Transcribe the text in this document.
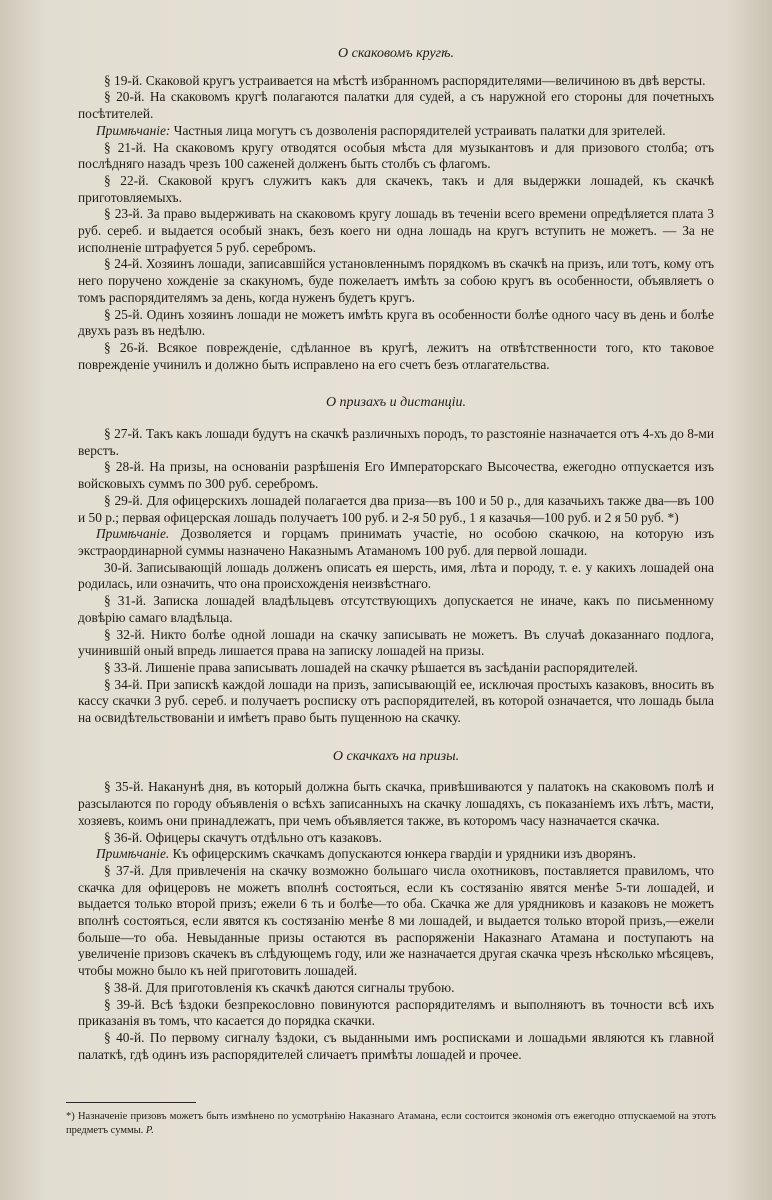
О скаковомъ кругѣ.

§ 19-й. Скаковой кругъ устраивается на мѣстѣ избранномъ распорядителями—величиною въ двѣ версты.

§ 20-й. На скаковомъ кругѣ полагаются палатки для судей, а съ наружной его стороны для почетныхъ посѣтителей.

Примѣчаніе: Частныя лица могутъ съ дозволенія распорядителей устраивать палатки для зрителей.

§ 21-й. На скаковомъ кругу отводятся особыя мѣста для музыкантовъ и для призового столба; отъ послѣдняго назадъ чрезъ 100 саженей долженъ быть столбъ съ флагомъ.

§ 22-й. Скаковой кругъ служитъ какъ для скачекъ, такъ и для выдержки лошадей, къ скачкѣ приготовляемыхъ.

§ 23-й. За право выдерживать на скаковомъ кругу лошадь въ теченіи всего времени опредѣляется плата 3 руб. сереб. и выдается особый знакъ, безъ коего ни одна лошадь на кругъ вступить не можетъ. — За не исполненіе штрафуется 5 руб. серебромъ.

§ 24-й. Хозяинъ лошади, записавшійся установленнымъ порядкомъ въ скачкѣ на призъ, или тотъ, кому отъ него поручено хожденіе за скакуномъ, буде пожелаетъ имѣть за собою кругъ въ особенности, объявляетъ о томъ распорядителямъ за день, когда нуженъ будетъ кругъ.

§ 25-й. Одинъ хозяинъ лошади не можетъ имѣть круга въ особенности болѣе одного часу въ день и болѣе двухъ разъ въ недѣлю.

§ 26-й. Всякое поврежденіе, сдѣланное въ кругѣ, лежитъ на отвѣтственности того, кто таковое поврежденіе учинилъ и должно быть исправлено на его счетъ безъ отлагательства.

О призахъ и дистанціи.

§ 27-й. Такъ какъ лошади будутъ на скачкѣ различныхъ породъ, то разстояніе назначается отъ 4-хъ до 8-ми верстъ.

§ 28-й. На призы, на основаніи разрѣшенія Его Императорскаго Высочества, ежегодно отпускается изъ войсковыхъ суммъ по 300 руб. серебромъ.

§ 29-й. Для офицерскихъ лошадей полагается два приза—въ 100 и 50 р., для казачьихъ также два—въ 100 и 50 р.; первая офицерская лошадь получаетъ 100 руб. и 2-я 50 руб., 1 я казачья—100 руб. и 2 я 50 руб. *)

Примѣчаніе. Дозволяется и горцамъ принимать участіе, но особою скачкою, на которую изъ экстраординарной суммы назначено Наказнымъ Атаманомъ 100 руб. для первой лошади.

30-й. Записывающій лошадь долженъ описать ея шерсть, имя, лѣта и породу, т. е. у какихъ лошадей она родилась, или означить, что она происхожденія неизвѣстнаго.

§ 31-й. Записка лошадей владѣльцевъ отсутствующихъ допускается не иначе, какъ по письменному довѣрію самаго владѣльца.

§ 32-й. Никто болѣе одной лошади на скачку записывать не можетъ. Въ случаѣ доказаннаго подлога, учинившій оный впредь лишается права на записку лошадей на призы.

§ 33-й. Лишеніе права записывать лошадей на скачку рѣшается въ засѣданіи распорядителей.

§ 34-й. При запискѣ каждой лошади на призъ, записывающій ее, исключая простыхъ казаковъ, вносить въ кассу скачки 3 руб. сереб. и получаетъ росписку отъ распорядителей, въ которой означается, что лошадь была на освидѣтельствованіи и имѣетъ право быть пущенною на скачку.

О скачкахъ на призы.

§ 35-й. Наканунѣ дня, въ который должна быть скачка, привѣшиваются у палатокъ на скаковомъ полѣ и разсылаются по городу объявленія о всѣхъ записанныхъ на скачку лошадяхъ, съ показаніемъ ихъ лѣтъ, масти, хозяевъ, коимъ они принадлежатъ, при чемъ объявляется также, въ которомъ часу назначается скачка.

§ 36-й. Офицеры скачутъ отдѣльно отъ казаковъ.

Примѣчаніе. Къ офицерскимъ скачкамъ допускаются юнкера гвардіи и урядники изъ дворянъ.

§ 37-й. Для привлеченія на скачку возможно большаго числа охотниковъ, поставляется правиломъ, что скачка для офицеровъ не можетъ вполнѣ состояться, если къ состязанію явятся менѣе 5-ти лошадей, и выдается только второй призъ; ежели 6 ть и болѣе—то оба. Скачка же для урядниковъ и казаковъ не можетъ вполнѣ состояться, если явятся къ состязанію менѣе 8 ми лошадей, и выдается только второй призъ,—ежели больше—то оба. Невыданные призы остаются въ распоряженіи Наказнаго Атамана и поступаютъ на увеличеніе призовъ скачекъ въ слѣдующемъ году, или же назначается другая скачка чрезъ нѣсколько мѣсяцевъ, чтобы можно было къ ней приготовить лошадей.

§ 38-й. Для приготовленія къ скачкѣ даются сигналы трубою.

§ 39-й. Всѣ ѣздоки безпрекословно повинуются распорядителямъ и выполняютъ въ точности всѣ ихъ приказанія въ томъ, что касается до порядка скачки.

§ 40-й. По первому сигналу ѣздоки, съ выданными имъ росписками и лошадьми являются къ главной палаткѣ, гдѣ одинъ изъ распорядителей сличаетъ примѣты лошадей и прочее.

*) Назначеніе призовъ можетъ быть измѣнено по усмотрѣнію Наказнаго Атамана, если состоится экономія отъ ежегодно отпускаемой на этотъ предметъ суммы. Р.
